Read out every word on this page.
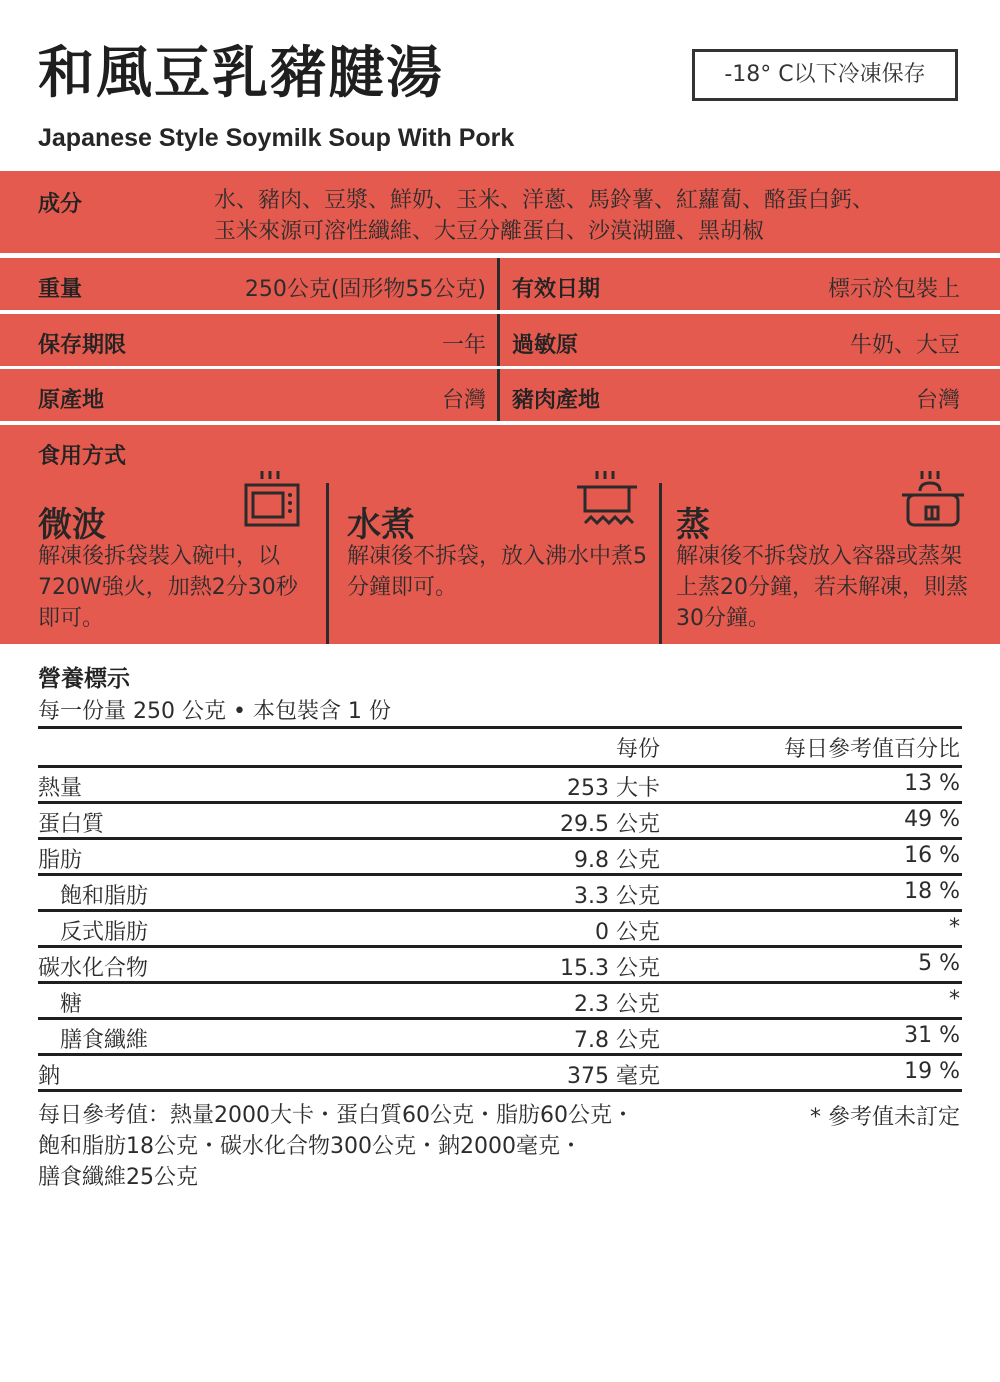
和風豆乳豬腱湯
Japanese Style Soymilk Soup With Pork
-18° C以下冷凍保存
成分	水、豬肉、豆漿、鮮奶、玉米、洋蔥、馬鈴薯、紅蘿蔔、酪蛋白鈣、
玉米來源可溶性纖維、大豆分離蛋白、沙漠湖鹽、黑胡椒
重量	250公克(固形物55公克) 有效日期	標示於包裝上
保存期限	一年 過敏原	牛奶、大豆
原產地	台灣 豬肉產地	台灣
食用方式
微波
解凍後拆袋裝入碗中，以720W強火，加熱2分30秒即可。
水煮
解凍後不拆袋，放入沸水中煮5分鐘即可。
蒸
解凍後不拆袋放入容器或蒸架上蒸20分鐘，若未解凍，則蒸30分鐘。
營養標示
每一份量 250 公克 • 本包裝含 1 份
每份	每日參考值百分比
熱量	253 大卡	13 %
蛋白質	29.5 公克	49 %
脂肪	9.8 公克	16 %
飽和脂肪	3.3 公克	18 %
反式脂肪	0 公克	*
碳水化合物	15.3 公克	5 %
糖	2.3 公克	*
膳食纖維	7.8 公克	31 %
鈉	375 毫克	19 %
每日參考值：熱量2000大卡・蛋白質60公克・脂肪60公克・
飽和脂肪18公克・碳水化合物300公克・鈉2000毫克・
膳食纖維25公克
* 參考值未訂定
